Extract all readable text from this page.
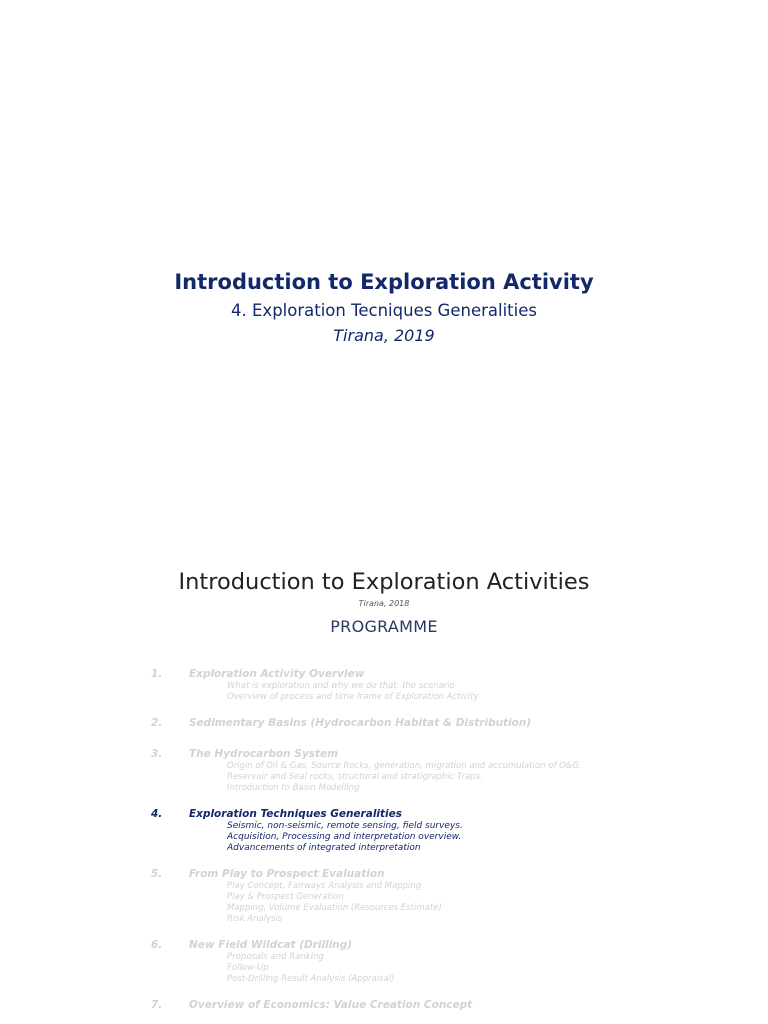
Introduction to Exploration Activity
4. Exploration Tecniques Generalities
Tirana, 2019
Introduction to Exploration Activities
Tirana, 2018
PROGRAMME
1.	Exploration Activity Overview
What is exploration and why we do that: the scenario
Overview of process and time frame of Exploration Activity
2.	Sedimentary Basins (Hydrocarbon Habitat & Distribution)
3.	The Hydrocarbon System
Origin of Oil & Gas, Source Rocks, generation, migration and accumulation of O&G.
Reservoir and Seal rocks, structural and stratigraphic Traps.
Introduction to Basin Modelling
4.	Exploration Techniques Generalities
Seismic, non-seismic, remote sensing, field surveys.
Acquisition, Processing and interpretation overview.
Advancements of integrated interpretation
5.	From Play to Prospect Evaluation
Play Concept, Fairways Analysis and Mapping
Play & Prospect Generation
Mapping, Volume Evaluation (Resources Estimate)
Risk Analysis
6.	New Field Wildcat (Drilling)
Proposals and Ranking
Follow-Up
Post-Drilling Result Analysis (Appraisal)
7.	Overview of Economics: Value Creation Concept
